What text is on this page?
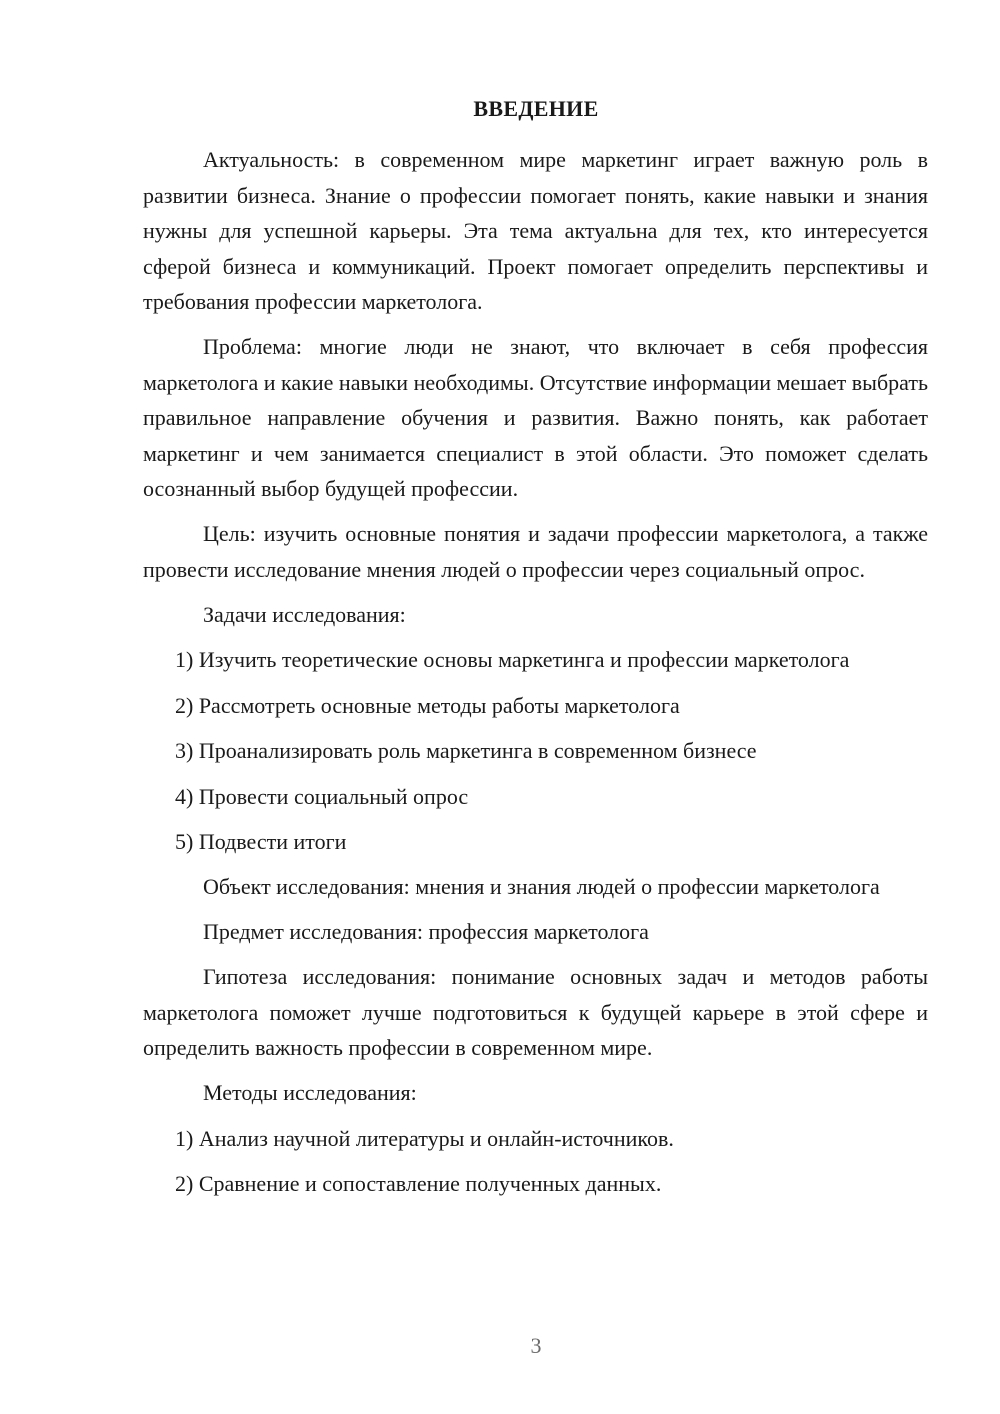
ВВЕДЕНИЕ

Актуальность: в современном мире маркетинг играет важную роль в развитии бизнеса. Знание о профессии помогает понять, какие навыки и знания нужны для успешной карьеры. Эта тема актуальна для тех, кто интересуется сферой бизнеса и коммуникаций. Проект помогает определить перспективы и требования профессии маркетолога.

Проблема: многие люди не знают, что включает в себя профессия маркетолога и какие навыки необходимы. Отсутствие информации мешает выбрать правильное направление обучения и развития. Важно понять, как работает маркетинг и чем занимается специалист в этой области. Это поможет сделать осознанный выбор будущей профессии.

Цель: изучить основные понятия и задачи профессии маркетолога, а также провести исследование мнения людей о профессии через социальный опрос.

Задачи исследования:

1) Изучить теоретические основы маркетинга и профессии маркетолога

2) Рассмотреть основные методы работы маркетолога

3) Проанализировать роль маркетинга в современном бизнесе

4) Провести социальный опрос

5) Подвести итоги

Объект исследования: мнения и знания людей о профессии маркетолога

Предмет исследования: профессия маркетолога

Гипотеза исследования: понимание основных задач и методов работы маркетолога поможет лучше подготовиться к будущей карьере в этой сфере и определить важность профессии в современном мире.

Методы исследования:

1) Анализ научной литературы и онлайн-источников.

2) Сравнение и сопоставление полученных данных.

3
